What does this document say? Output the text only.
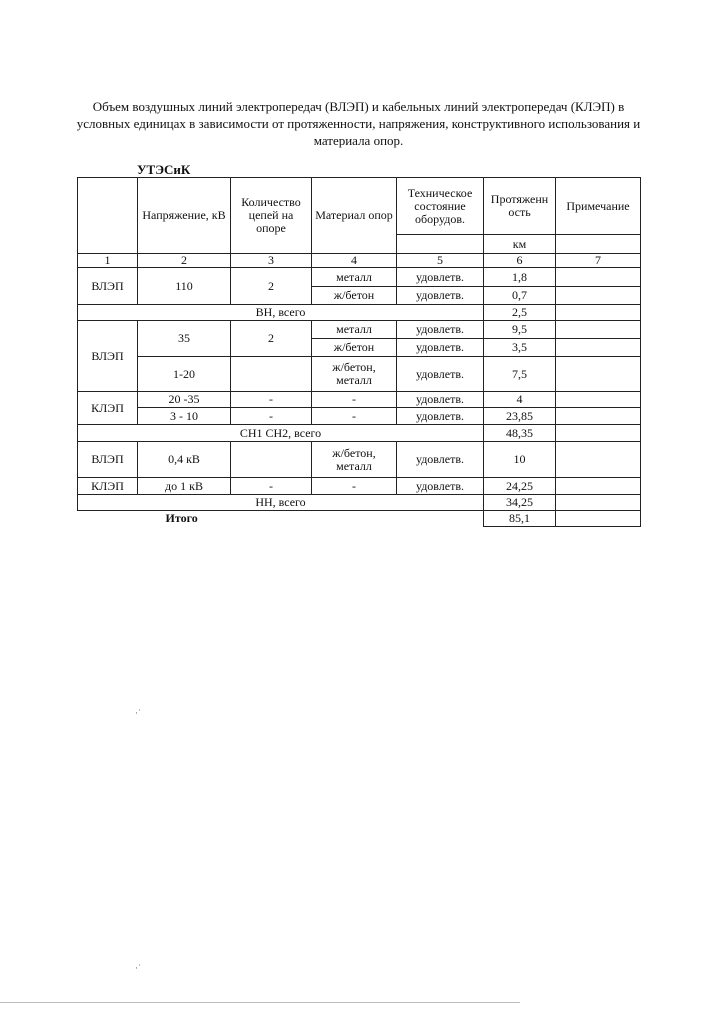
Объем воздушных линий электропередач (ВЛЭП) и кабельных линий электропередач (КЛЭП) в условных единицах в зависимости от протяженности, напряжения, конструктивного использования и материала опор.
УТЭСиК
	Напряжение, кВ	Количество цепей на опоре	Материал опор	Техническое состояние оборудов.	Протяженн ость	Примечание
					км	
1	2	3	4	5	6	7
ВЛЭП	110	2	металл	удовлетв.	1,8	
			ж/бетон	удовлетв.	0,7	
ВН, всего					2,5	
ВЛЭП	35	2	металл	удовлетв.	9,5	
			ж/бетон	удовлетв.	3,5	
	1-20		ж/бетон, металл	удовлетв.	7,5	
КЛЭП	20 -35	-	-	удовлетв.	4	
	3 - 10	-	-	удовлетв.	23,85	
СН1 СН2, всего					48,35	
ВЛЭП	0,4 кВ		ж/бетон, металл	удовлетв.	10	
КЛЭП	до 1 кВ	-	-	удовлетв.	24,25	
НН, всего					34,25	
	Итого				85,1	
·˙
·˙
